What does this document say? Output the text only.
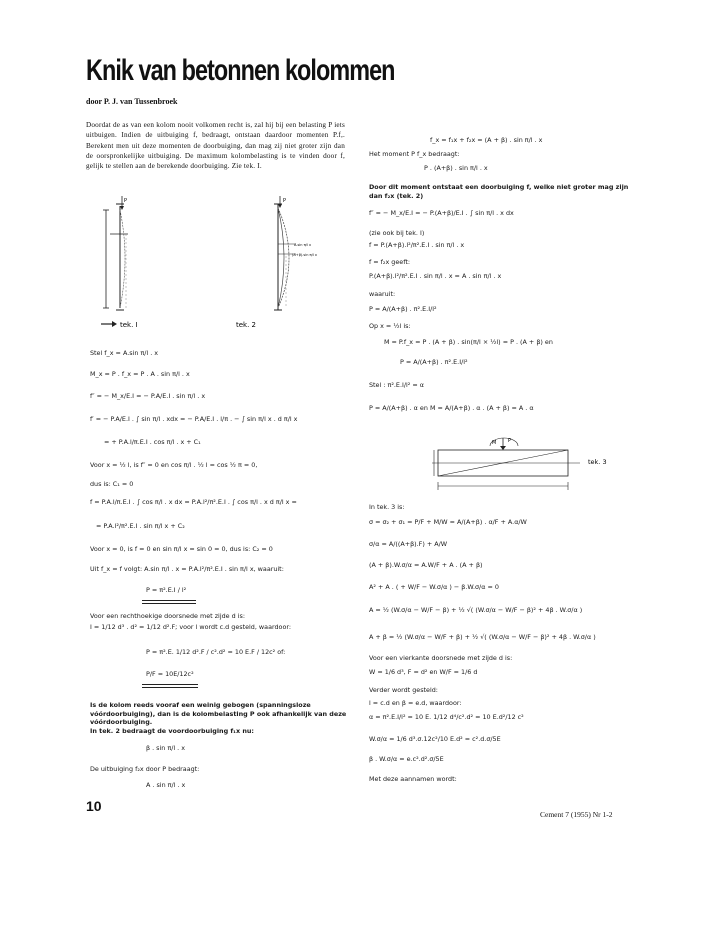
Knik van betonnen kolommen
door P. J. van Tussenbroek
Doordat de as van een kolom nooit volkomen recht is, zal hij bij een belasting P iets uitbuigen. Indien de uitbuiging f, bedraagt, ontstaan daardoor momenten P.f,. Berekent men uit deze momenten de doorbuiging, dan mag zij niet groter zijn dan de oorspronkelijke uitbuiging. De maximum kolombelasting is te vinden door f, gelijk te stellen aan de berekende doorbuiging. Zie tek. I.
P
tek. I
P
A.sin π/l x
(A+β).sin π/l x
tek. 2
Stel f_x = A.sin π/l . x
M_x = P . f_x = P . A . sin π/l . x
f″ = − M_x/E.I = − P.A/E.I . sin π/l . x
f′ = − P.A/E.I . ∫ sin π/l . xdx = − P.A/E.I . l/π . − ∫ sin π/l x . d π/l x
= + P.A.l/π.E.I . cos π/l . x + C₁
Voor x = ½ l, is f″ = 0 en cos π/l . ½ l = cos ½ π = 0,
dus is: C₁ = 0
f = P.A.l/π.E.I . ∫ cos π/l . x dx = P.A.l²/π².E.I . ∫ cos π/l . x d π/l x =
= P.A.l²/π².E.I . sin π/l x + C₂
Voor x = 0, is f = 0 en sin π/l x = sin 0 = 0, dus is: C₂ = 0
Uit f_x = f volgt: A.sin π/l . x = P.A.l²/π².E.I . sin π/l x, waaruit:
P = π².E.I / l²
Voor een rechthoekige doorsnede met zijde d is:
I = 1/12 d³ . d² = 1/12 d².F; voor l wordt c.d gesteld, waardoor:
P = π².E. 1/12 d².F / c².d² = 10 E.F / 12c² of:
P/F = 10E/12c²
Is de kolom reeds vooraf een weinig gebogen (spanningsloze vóórdoorbuiging), dan is de kolombelasting P ook afhankelijk van deze vóórdoorbuiging.
In tek. 2 bedraagt de voordoorbuiging f₁x nu:
β . sin π/l . x
De uitbuiging f₂x door P bedraagt:
A . sin π/l . x
f_x = f₁x + f₂x = (A + β) . sin π/l . x
Het moment P f_x bedraagt:
P . (A+β) . sin π/l . x
Door dit moment ontstaat een doorbuiging f, welke niet groter mag zijn dan f₂x (tek. 2)
f″ = − M_x/E.I = − P.(A+β)/E.I . ∫ sin π/l . x dx
(zie ook bij tek. I)
f = P.(A+β).l²/π².E.I . sin π/l . x
f = f₂x geeft:
P.(A+β).l²/π².E.I . sin π/l . x = A . sin π/l . x
waaruit:
P = A/(A+β) . π².E.I/l²
Op x = ½l is:
M = P.f_x = P . (A + β) . sin(π/l × ½l) = P . (A + β) en
P = A/(A+β) . π².E.I/l²
Stel : π².E.I/l² = α
P = A/(A+β) . α en M = A/(A+β) . α . (A + β) = A . α
M P
tek. 3
In tek. 3 is:
σ = σ₂ + σ₁ = P/F + M/W = A/(A+β) . α/F + A.α/W
σ/α = A/((A+β).F) + A/W
(A + β).W.σ/α = A.W/F + A . (A + β)
A² + A . ( + W/F − W.σ/α ) − β.W.σ/α = 0
A = ½ (W.σ/α − W/F − β) + ½ √( (W.σ/α − W/F − β)² + 4β . W.σ/α )
A + β = ½ (W.σ/α − W/F + β) + ½ √( (W.σ/α − W/F − β)² + 4β . W.σ/α )
Voor een vierkante doorsnede met zijde d is:
W = 1/6 d³, F = d² en W/F = 1/6 d
Verder wordt gesteld:
l = c.d en β = e.d, waardoor:
α = π².E.I/l² = 10 E. 1/12 d⁴/c².d² = 10 E.d²/12 c²
W.σ/α = 1/6 d³.σ.12c²/10 E.d² = c².d.σ/5E
β . W.σ/α = e.c².d².σ/5E
Met deze aannamen wordt:
10
Cement 7 (1955) Nr 1-2
